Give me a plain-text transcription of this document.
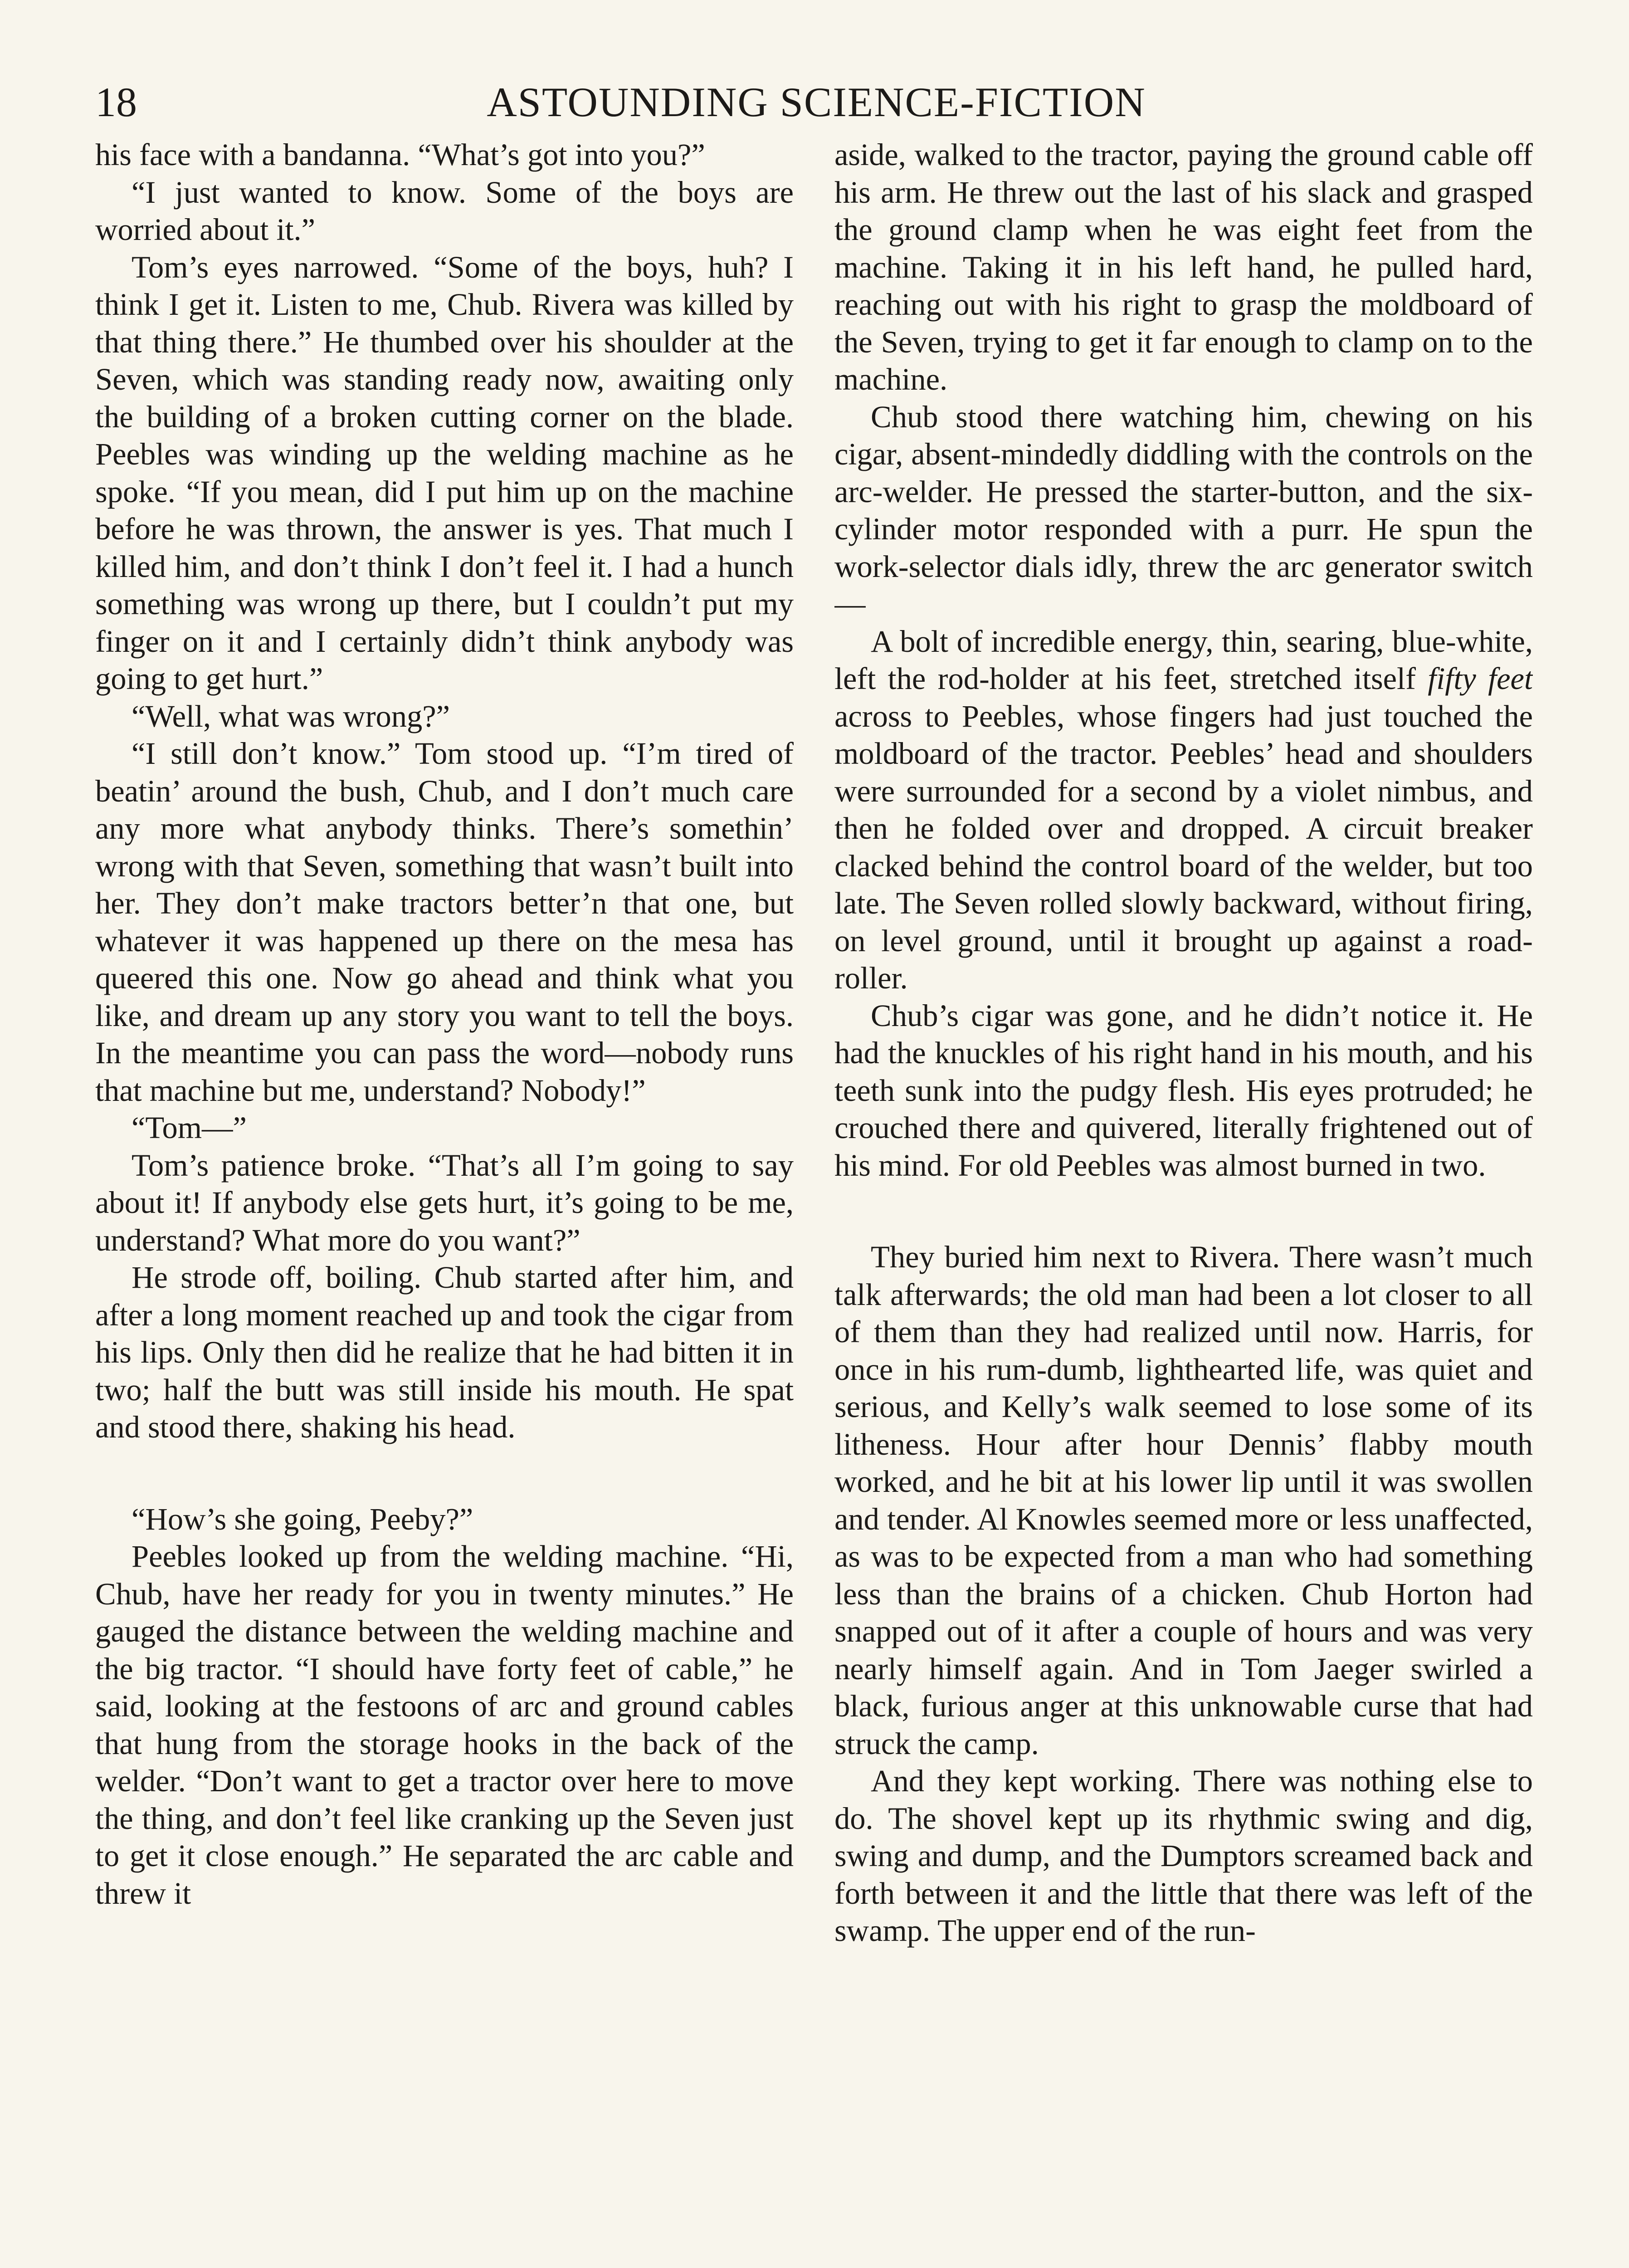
18	ASTOUNDING SCIENCE-FICTION

his face with a bandanna. “What’s got into you?”

“I just wanted to know. Some of the boys are worried about it.”

Tom’s eyes narrowed. “Some of the boys, huh? I think I get it. Listen to me, Chub. Rivera was killed by that thing there.” He thumbed over his shoulder at the Seven, which was standing ready now, awaiting only the building of a broken cutting corner on the blade. Peebles was winding up the welding machine as he spoke. “If you mean, did I put him up on the machine before he was thrown, the answer is yes. That much I killed him, and don’t think I don’t feel it. I had a hunch something was wrong up there, but I couldn’t put my finger on it and I certainly didn’t think anybody was going to get hurt.”

“Well, what was wrong?”

“I still don’t know.” Tom stood up. “I’m tired of beatin’ around the bush, Chub, and I don’t much care any more what anybody thinks. There’s somethin’ wrong with that Seven, something that wasn’t built into her. They don’t make tractors better’n that one, but whatever it was happened up there on the mesa has queered this one. Now go ahead and think what you like, and dream up any story you want to tell the boys. In the meantime you can pass the word—nobody runs that machine but me, understand? Nobody!”

“Tom—”

Tom’s patience broke. “That’s all I’m going to say about it! If anybody else gets hurt, it’s going to be me, understand? What more do you want?”

He strode off, boiling. Chub started after him, and after a long moment reached up and took the cigar from his lips. Only then did he realize that he had bitten it in two; half the butt was still inside his mouth. He spat and stood there, shaking his head.

“How’s she going, Peeby?”

Peebles looked up from the welding machine. “Hi, Chub, have her ready for you in twenty minutes.” He gauged the distance between the welding machine and the big tractor. “I should have forty feet of cable,” he said, looking at the festoons of arc and ground cables that hung from the storage hooks in the back of the welder. “Don’t want to get a tractor over here to move the thing, and don’t feel like cranking up the Seven just to get it close enough.” He separated the arc cable and threw it

aside, walked to the tractor, paying the ground cable off his arm. He threw out the last of his slack and grasped the ground clamp when he was eight feet from the machine. Taking it in his left hand, he pulled hard, reaching out with his right to grasp the moldboard of the Seven, trying to get it far enough to clamp on to the machine.

Chub stood there watching him, chewing on his cigar, absent-mindedly diddling with the controls on the arc-welder. He pressed the starter-button, and the six-cylinder motor responded with a purr. He spun the work-selector dials idly, threw the arc generator switch—

A bolt of incredible energy, thin, searing, blue-white, left the rod-holder at his feet, stretched itself fifty feet across to Peebles, whose fingers had just touched the moldboard of the tractor. Peebles’ head and shoulders were surrounded for a second by a violet nimbus, and then he folded over and dropped. A circuit breaker clacked behind the control board of the welder, but too late. The Seven rolled slowly backward, without firing, on level ground, until it brought up against a road-roller.

Chub’s cigar was gone, and he didn’t notice it. He had the knuckles of his right hand in his mouth, and his teeth sunk into the pudgy flesh. His eyes protruded; he crouched there and quivered, literally frightened out of his mind. For old Peebles was almost burned in two.

They buried him next to Rivera. There wasn’t much talk afterwards; the old man had been a lot closer to all of them than they had realized until now. Harris, for once in his rum-dumb, lighthearted life, was quiet and serious, and Kelly’s walk seemed to lose some of its litheness. Hour after hour Dennis’ flabby mouth worked, and he bit at his lower lip until it was swollen and tender. Al Knowles seemed more or less unaffected, as was to be expected from a man who had something less than the brains of a chicken. Chub Horton had snapped out of it after a couple of hours and was very nearly himself again. And in Tom Jaeger swirled a black, furious anger at this unknowable curse that had struck the camp.

And they kept working. There was nothing else to do. The shovel kept up its rhythmic swing and dig, swing and dump, and the Dumptors screamed back and forth between it and the little that there was left of the swamp. The upper end of the run-
